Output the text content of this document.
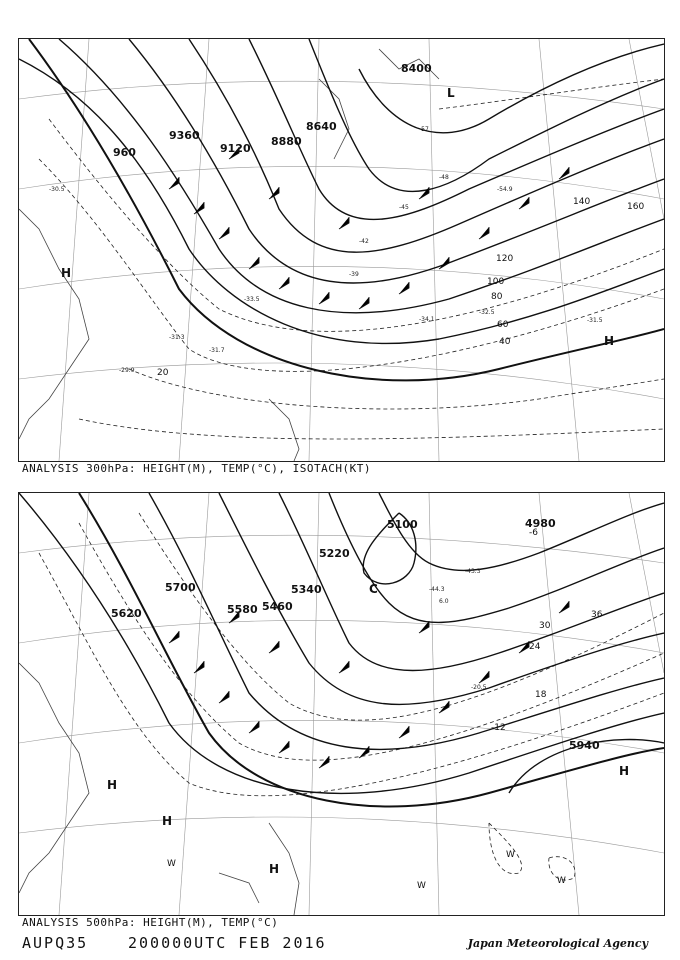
960
9360
9120
8880
8640
8400
20
40
60
80
100
120
140	160
-30.5
-31.3
-31.7
-29.9
-33.5
-34.1
-32.5
-31.5
-39
-42
-45
-48
-54.9
-57
H
H
L
ANALYSIS 300hPa: HEIGHT(M), TEMP(°C), ISOTACH(KT)
5700
5620	5580 5460
5340
5220
5100	4980
5940
36
30
24
18
-12
-6
6.0
-43.3
-44.3
-20.5
H
H
H
H
C
W
W
W
W
ANALYSIS 500hPa: HEIGHT(M), TEMP(°C)
AUPQ35	200000UTC FEB 2016	Japan Meteorological Agency
